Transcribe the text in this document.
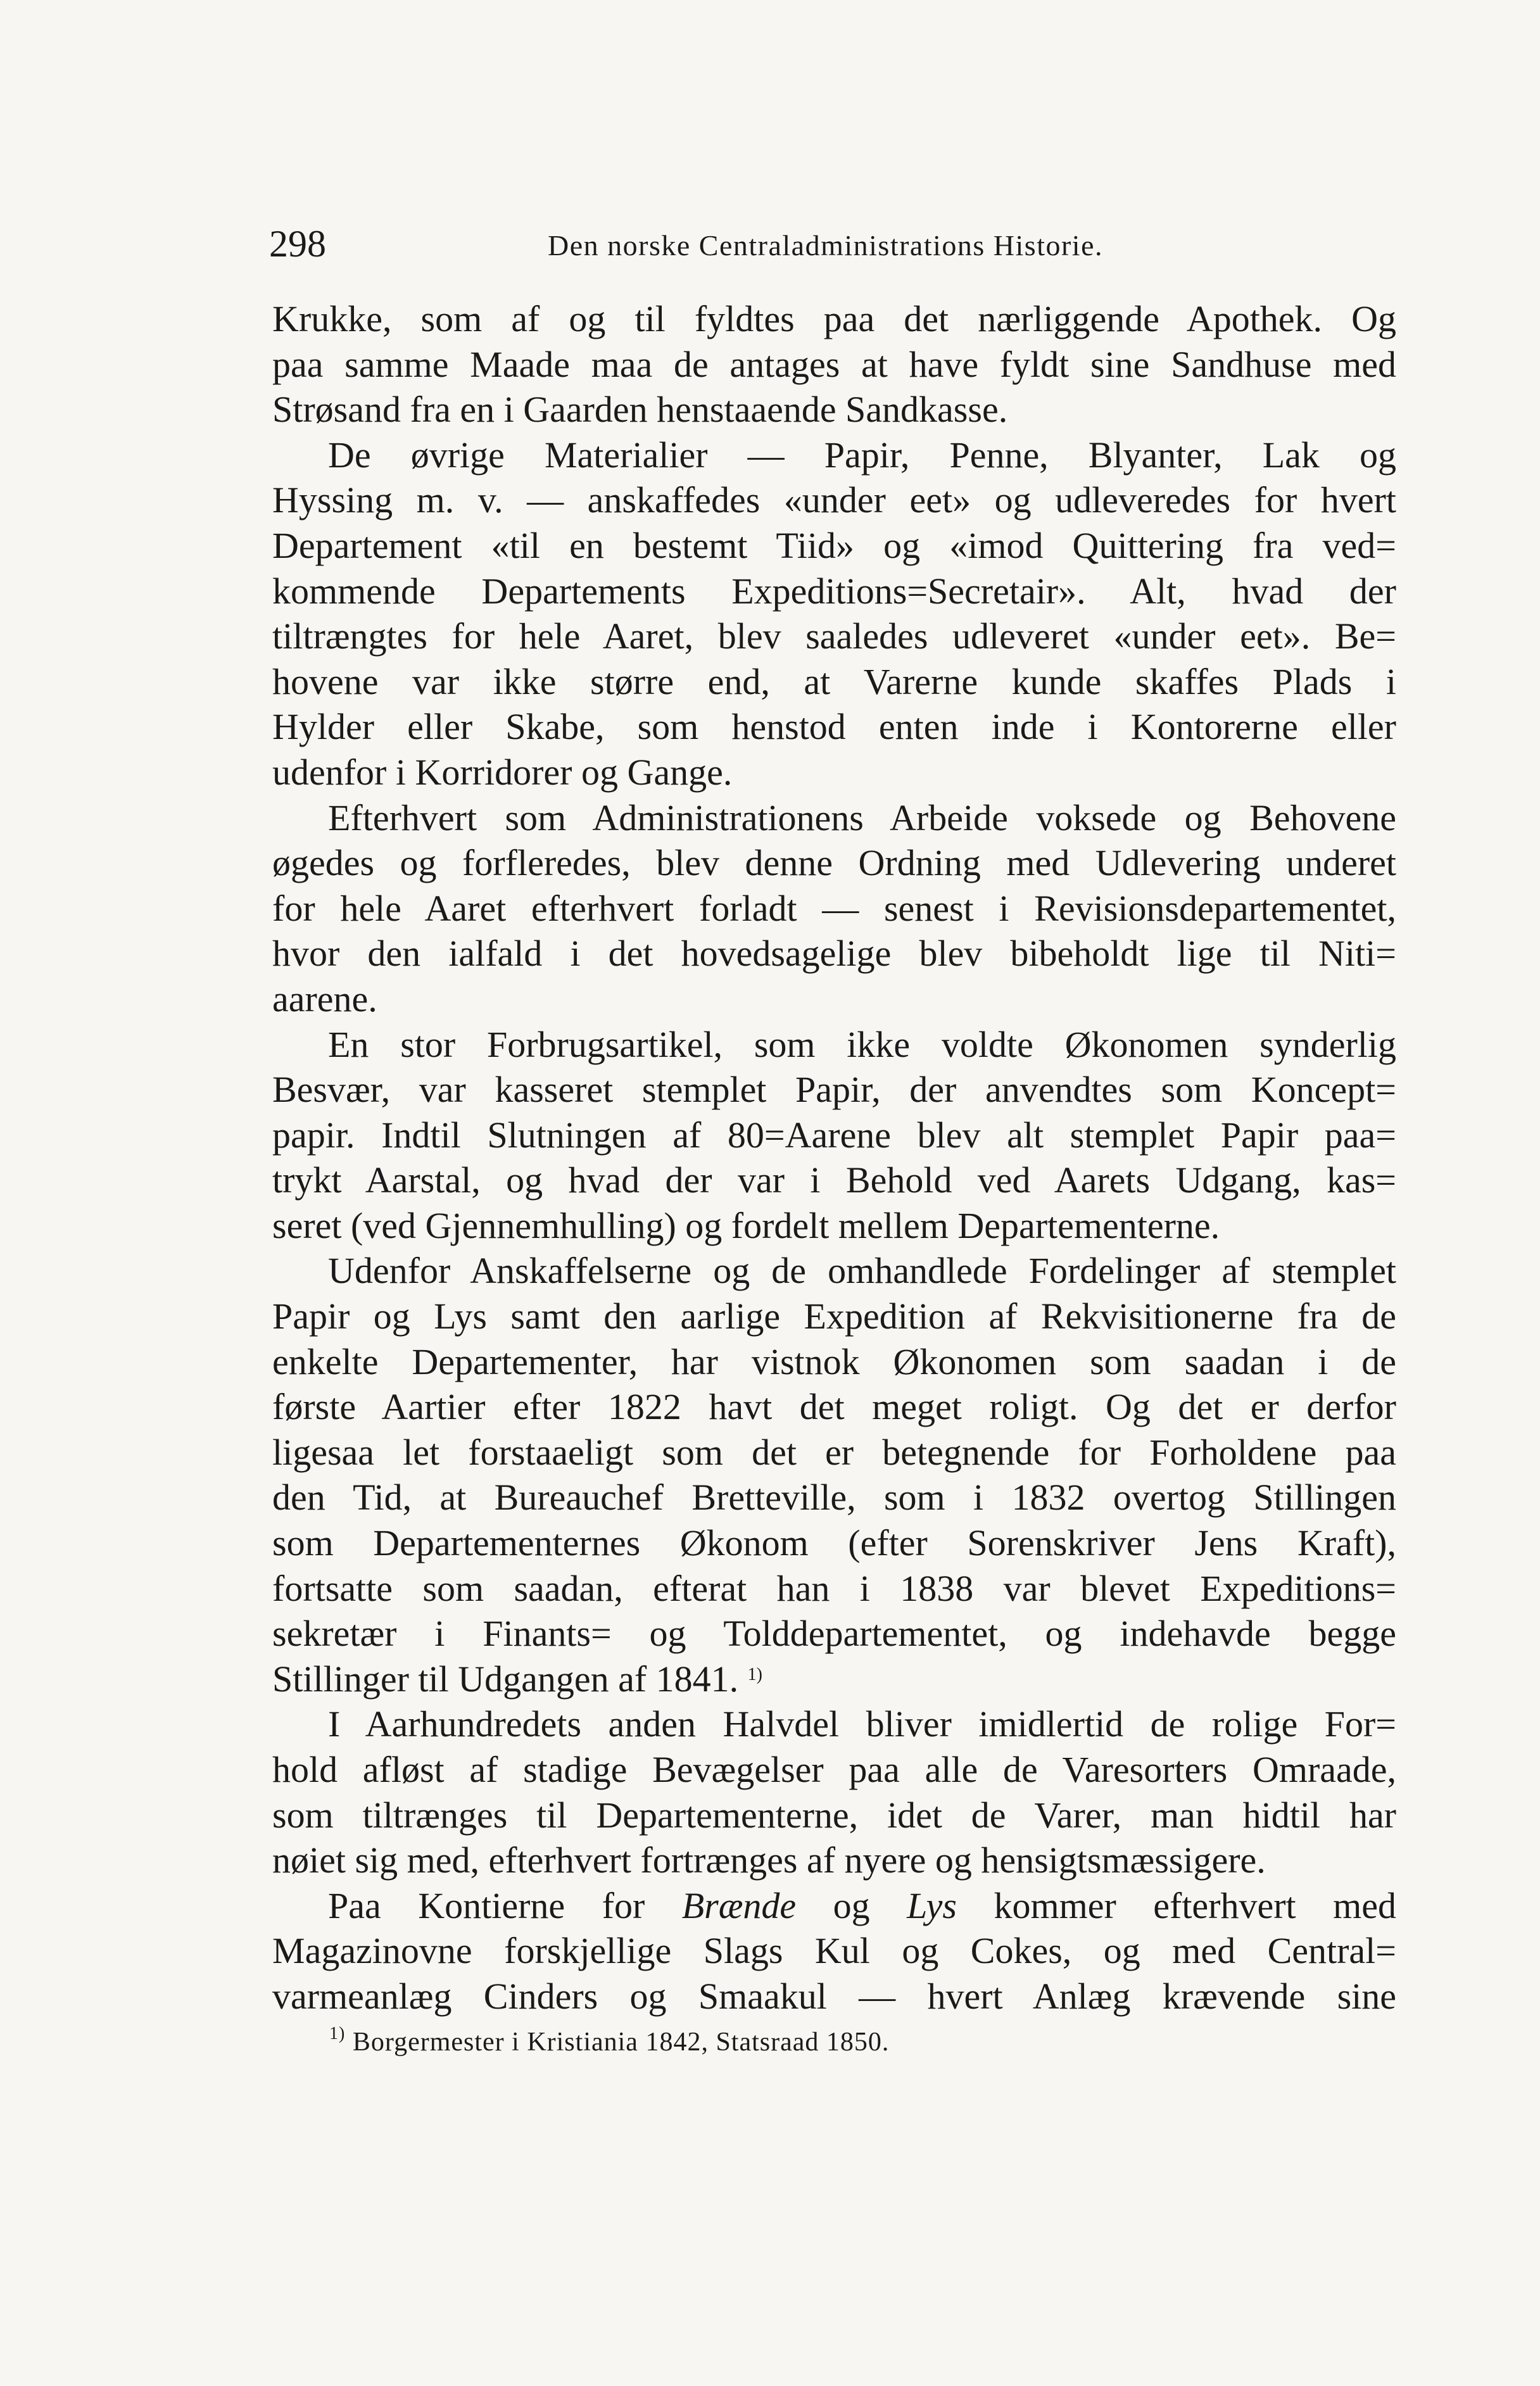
298	Den norske Centraladministrations Historie.
Krukke, som af og til fyldtes paa det nærliggende Apothek. Og
paa samme Maade maa de antages at have fyldt sine Sandhuse med
Strøsand fra en i Gaarden henstaaende Sandkasse.
De øvrige Materialier — Papir, Penne, Blyanter, Lak og
Hyssing m. v. — anskaffedes «under eet» og udleveredes for hvert
Departement «til en bestemt Tiid» og «imod Quittering fra ved=
kommende Departements Expeditions=Secretair». Alt, hvad der
tiltrængtes for hele Aaret, blev saaledes udleveret «under eet». Be=
hovene var ikke større end, at Varerne kunde skaffes Plads i
Hylder eller Skabe, som henstod enten inde i Kontorerne eller
udenfor i Korridorer og Gange.
Efterhvert som Administrationens Arbeide voksede og Behovene
øgedes og forfleredes, blev denne Ordning med Udlevering underet
for hele Aaret efterhvert forladt — senest i Revisionsdepartementet,
hvor den ialfald i det hovedsagelige blev bibeholdt lige til Niti=
aarene.
En stor Forbrugsartikel, som ikke voldte Økonomen synderlig
Besvær, var kasseret stemplet Papir, der anvendtes som Koncept=
papir. Indtil Slutningen af 80=Aarene blev alt stemplet Papir paa=
trykt Aarstal, og hvad der var i Behold ved Aarets Udgang, kas=
seret (ved Gjennemhulling) og fordelt mellem Departementerne.
Udenfor Anskaffelserne og de omhandlede Fordelinger af stemplet
Papir og Lys samt den aarlige Expedition af Rekvisitionerne fra de
enkelte Departementer, har vistnok Økonomen som saadan i de
første Aartier efter 1822 havt det meget roligt. Og det er derfor
ligesaa let forstaaeligt som det er betegnende for Forholdene paa
den Tid, at Bureauchef Bretteville, som i 1832 overtog Stillingen
som Departementernes Økonom (efter Sorenskriver Jens Kraft),
fortsatte som saadan, efterat han i 1838 var blevet Expeditions=
sekretær i Finants= og Tolddepartementet, og indehavde begge
Stillinger til Udgangen af 1841. $^{1)}$
I Aarhundredets anden Halvdel bliver imidlertid de rolige For=
hold afløst af stadige Bevægelser paa alle de Varesorters Omraade,
som tiltrænges til Departementerne, idet de Varer, man hidtil har
nøiet sig med, efterhvert fortrænges af nyere og hensigtsmæssigere.
Paa Kontierne for Brænde og Lys kommer efterhvert med
Magazinovne forskjellige Slags Kul og Cokes, og med Central=
varmeanlæg Cinders og Smaakul — hvert Anlæg krævende sine
$^{1)}$ Borgermester i Kristiania 1842, Statsraad 1850.
